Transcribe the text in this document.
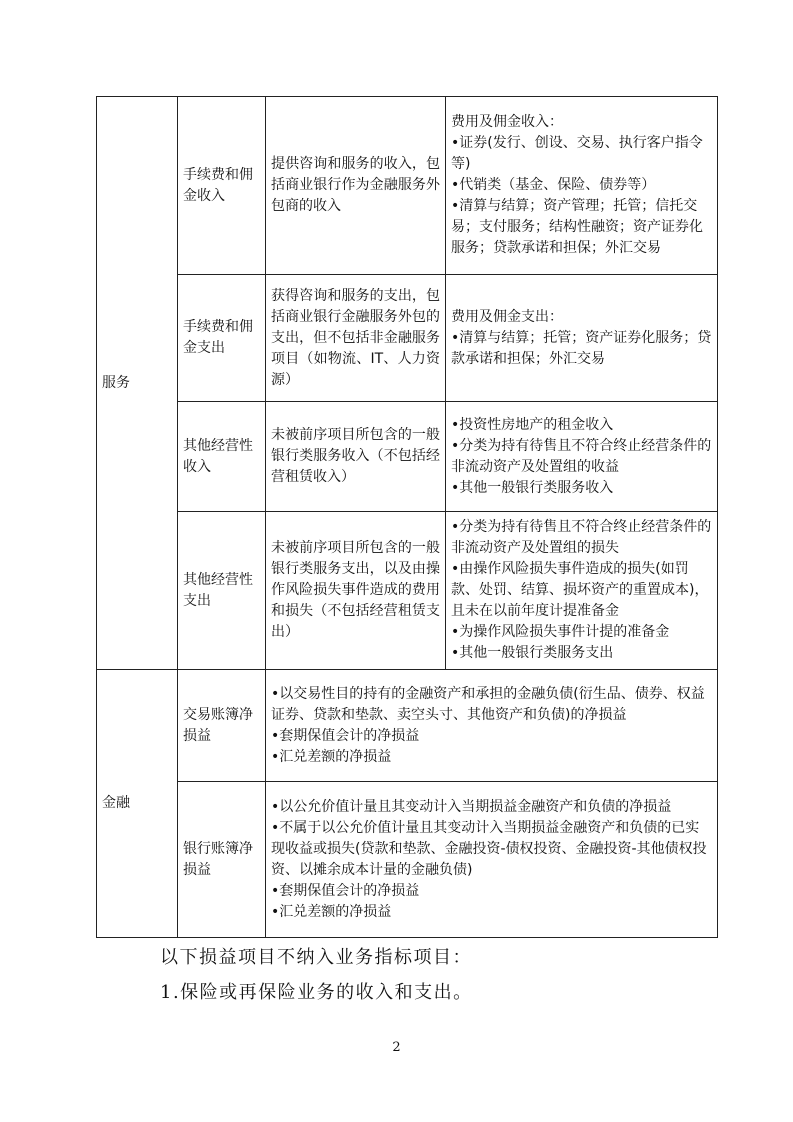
服务	手续费和佣金收入	提供咨询和服务的收入，包括商业银行作为金融服务外包商的收入	费用及佣金收入：
•证券(发行、创设、交易、执行客户指令等)
•代销类（基金、保险、债券等）
•清算与结算；资产管理；托管；信托交易；支付服务；结构性融资；资产证券化服务；贷款承诺和担保；外汇交易

	手续费和佣金支出	获得咨询和服务的支出，包括商业银行金融服务外包的支出，但不包括非金融服务项目（如物流、IT、人力资源）	费用及佣金支出：
•清算与结算；托管；资产证券化服务；贷款承诺和担保；外汇交易

	其他经营性收入	未被前序项目所包含的一般银行类服务收入（不包括经营租赁收入）	•投资性房地产的租金收入
•分类为持有待售且不符合终止经营条件的非流动资产及处置组的收益
•其他一般银行类服务收入

	其他经营性支出	未被前序项目所包含的一般银行类服务支出，以及由操作风险损失事件造成的费用和损失（不包括经营租赁支出）	•分类为持有待售且不符合终止经营条件的非流动资产及处置组的损失
•由操作风险损失事件造成的损失(如罚款、处罚、结算、损坏资产的重置成本)，且未在以前年度计提准备金
•为操作风险损失事件计提的准备金
•其他一般银行类服务支出

金融	交易账簿净损益	•以交易性目的持有的金融资产和承担的金融负债(衍生品、债券、权益证券、贷款和垫款、卖空头寸、其他资产和负债)的净损益
•套期保值会计的净损益
•汇兑差额的净损益	

	银行账簿净损益	•以公允价值计量且其变动计入当期损益金融资产和负债的净损益
•不属于以公允价值计量且其变动计入当期损益金融资产和负债的已实现收益或损失(贷款和垫款、金融投资-债权投资、金融投资-其他债权投资、以摊余成本计量的金融负债)
•套期保值会计的净损益
•汇兑差额的净损益	
以下损益项目不纳入业务指标项目：
1.保险或再保险业务的收入和支出。
2
